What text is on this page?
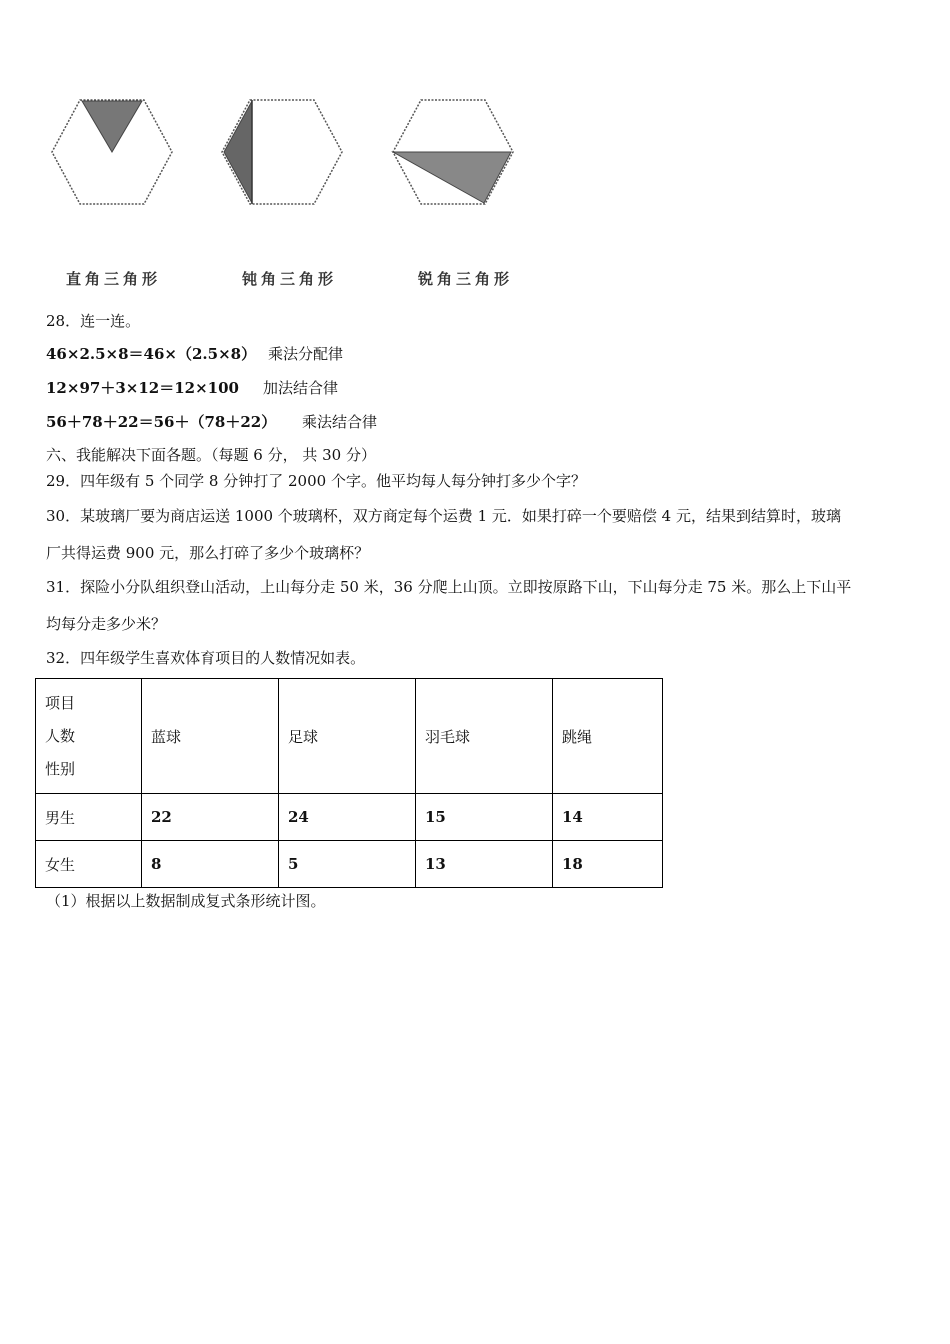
直角三角形	钝角三角形	锐角三角形
28．连一连。
46×2.5×8＝46×（2.5×8） 乘法分配律
12×97＋3×12＝12×100 加法结合律
56＋78＋22＝56＋（78＋22） 乘法结合律
六、我能解决下面各题。（每题 6 分， 共 30 分）
29．四年级有 5 个同学 8 分钟打了 2000 个字。他平均每人每分钟打多少个字？
30．某玻璃厂要为商店运送 1000 个玻璃杯，双方商定每个运费 1 元．如果打碎一个要赔偿 4 元，结果到结算时，玻璃
厂共得运费 900 元，那么打碎了多少个玻璃杯？
31．探险小分队组织登山活动，上山每分走 50 米，36 分爬上山顶。立即按原路下山，下山每分走 75 米。那么上下山平
均每分走多少米？
32．四年级学生喜欢体育项目的人数情况如表。
项目
人数
性别	蓝球	足球	羽毛球	跳绳
男生	22	24	15	14
女生	8	5	13	18
（1）根据以上数据制成复式条形统计图。
